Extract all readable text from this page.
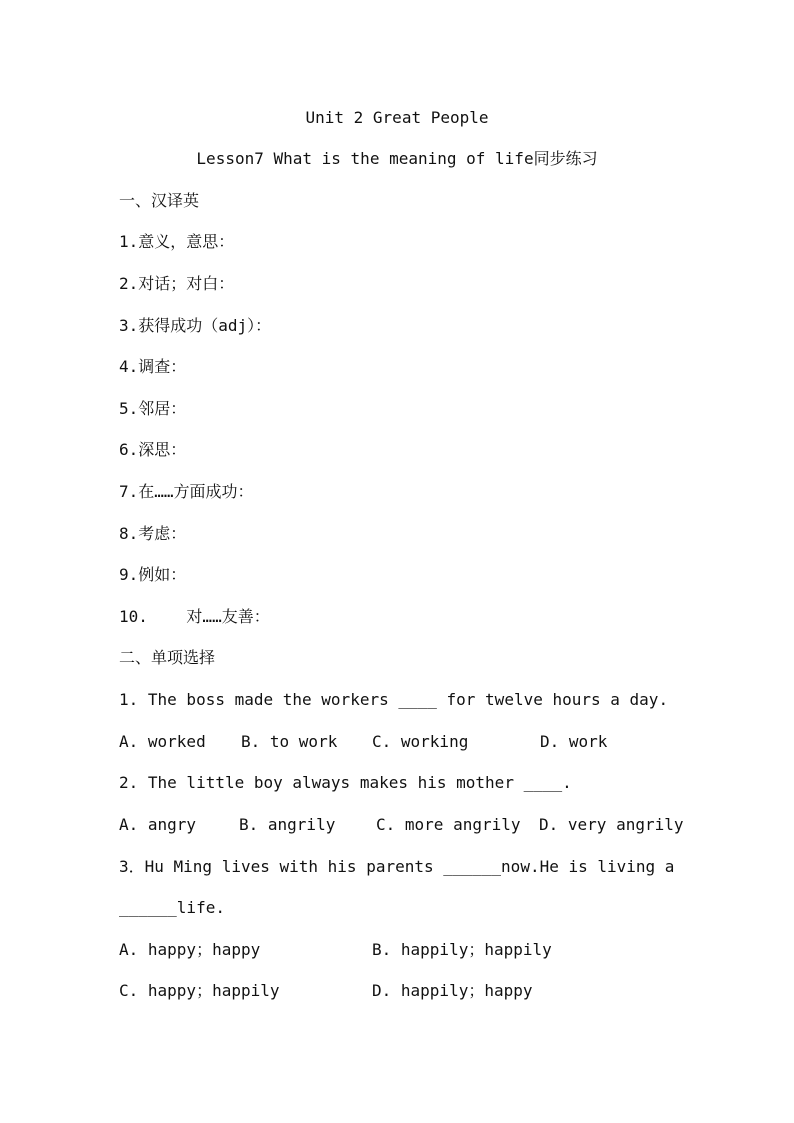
Unit 2 Great People
Lesson7 What is the meaning of life同步练习
一、汉译英
1.意义，意思：
2.对话；对白：
3.获得成功（adj）：
4.调查：
5.邻居：
6.深思：
7.在……方面成功：
8.考虑：
9.例如：
10.    对……友善：
二、单项选择
1. The boss made the workers ____ for twelve hours a day.
A. worked B. to work C. working	D. work
2. The little boy always makes his mother ____.
A. angry	B. angrily	C. more angrily D. very angrily
3．Hu Ming lives with his parents ______now.He is living a
______life.
A. happy；happy	B. happily；happily
C. happy；happily	D. happily；happy
